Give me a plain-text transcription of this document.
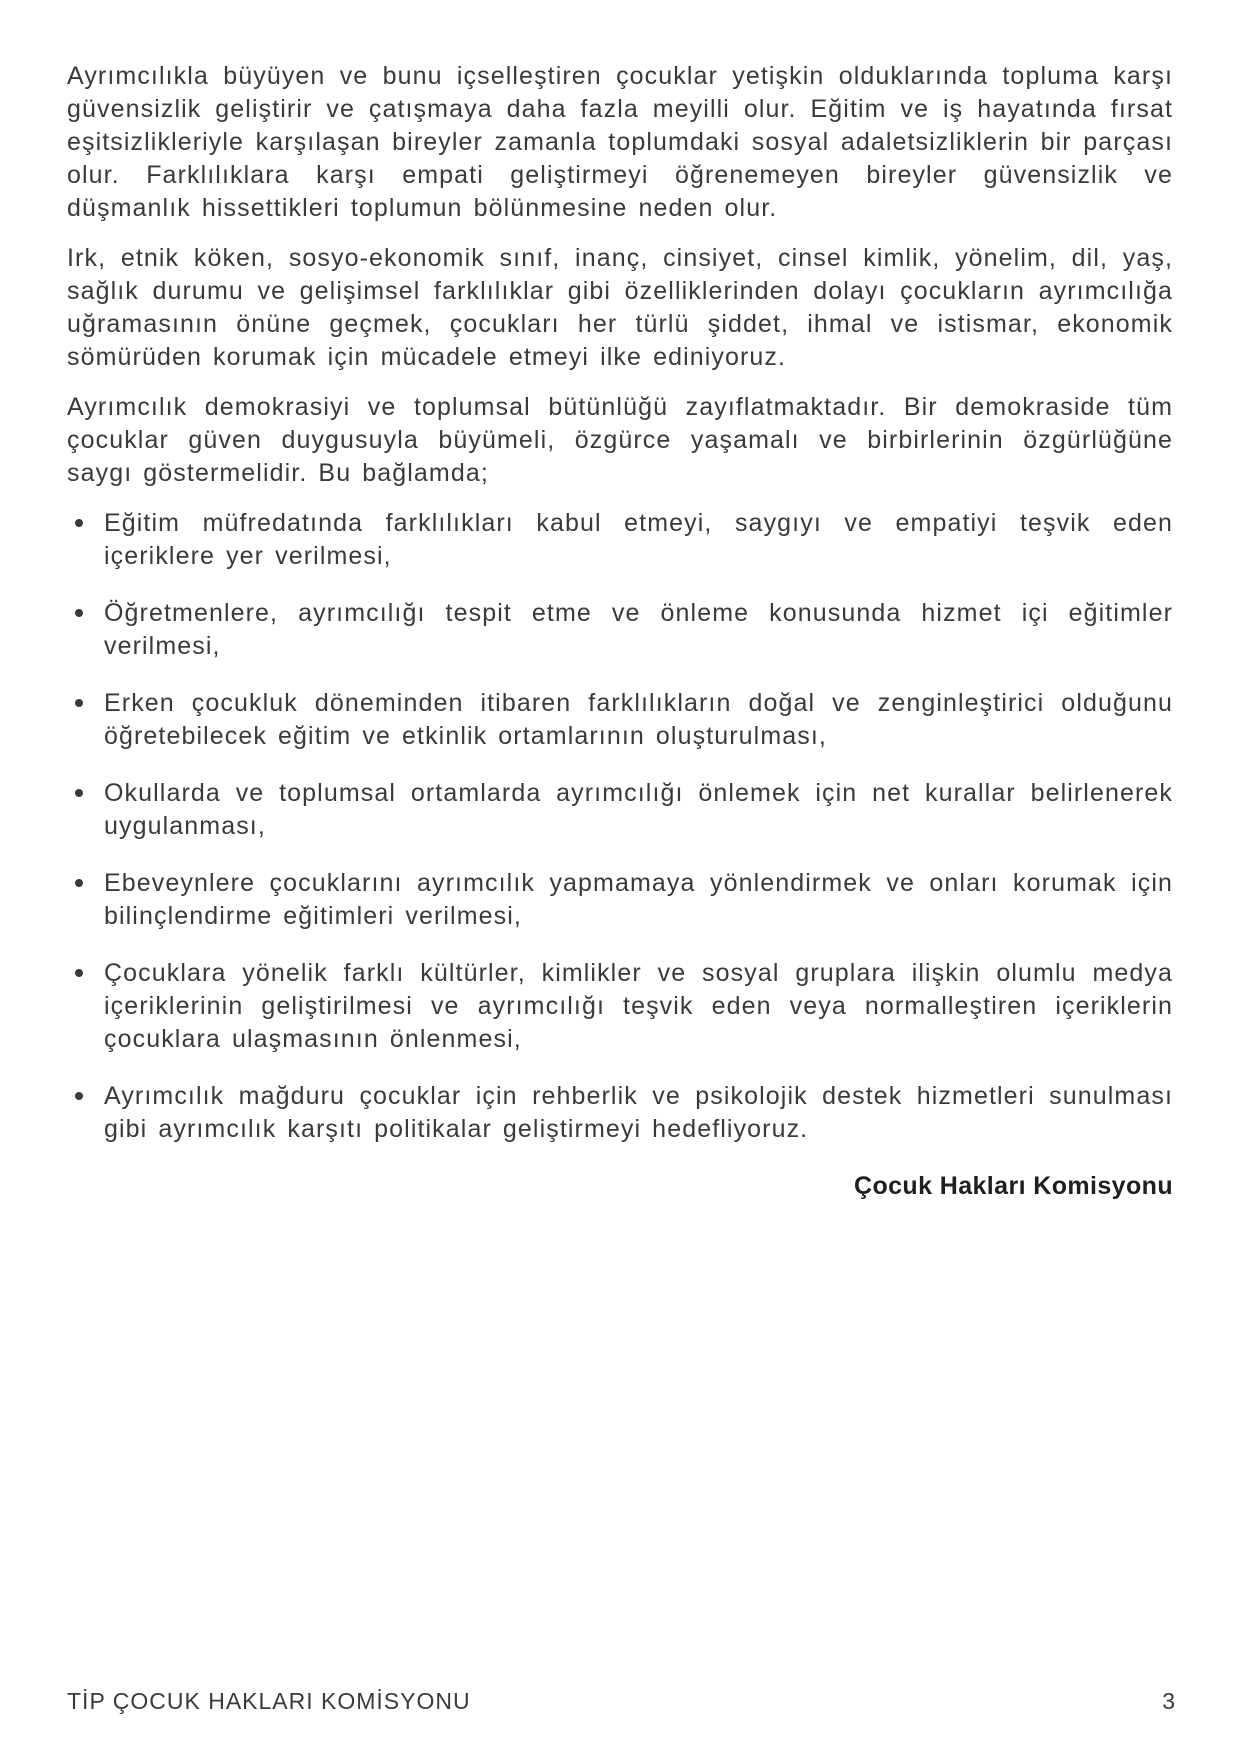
Ayrımcılıkla büyüyen ve bunu içselleştiren çocuklar yetişkin olduklarında topluma karşı güvensizlik geliştirir ve çatışmaya daha fazla meyilli olur. Eğitim ve iş hayatında fırsat eşitsizlikleriyle karşılaşan bireyler zamanla toplumdaki sosyal adaletsizliklerin bir parçası olur. Farklılıklara karşı empati geliştirmeyi öğrenemeyen bireyler güvensizlik ve düşmanlık hissettikleri toplumun bölünmesine neden olur.

Irk, etnik köken, sosyo-ekonomik sınıf, inanç, cinsiyet, cinsel kimlik, yönelim, dil, yaş, sağlık durumu ve gelişimsel farklılıklar gibi özelliklerinden dolayı çocukların ayrımcılığa uğramasının önüne geçmek, çocukları her türlü şiddet, ihmal ve istismar, ekonomik sömürüden korumak için mücadele etmeyi ilke ediniyoruz.

Ayrımcılık demokrasiyi ve toplumsal bütünlüğü zayıflatmaktadır. Bir demokraside tüm çocuklar güven duygusuyla büyümeli, özgürce yaşamalı ve birbirlerinin özgürlüğüne saygı göstermelidir. Bu bağlamda;

Eğitim müfredatında farklılıkları kabul etmeyi, saygıyı ve empatiyi teşvik eden içeriklere yer verilmesi,
Öğretmenlere, ayrımcılığı tespit etme ve önleme konusunda hizmet içi eğitimler verilmesi,
Erken çocukluk döneminden itibaren farklılıkların doğal ve zenginleştirici olduğunu öğretebilecek eğitim ve etkinlik ortamlarının oluşturulması,
Okullarda ve toplumsal ortamlarda ayrımcılığı önlemek için net kurallar belirlenerek uygulanması,
Ebeveynlere çocuklarını ayrımcılık yapmamaya yönlendirmek ve onları korumak için bilinçlendirme eğitimleri verilmesi,
Çocuklara yönelik farklı kültürler, kimlikler ve sosyal gruplara ilişkin olumlu medya içeriklerinin geliştirilmesi ve ayrımcılığı teşvik eden veya normalleştiren içeriklerin çocuklara ulaşmasının önlenmesi,
Ayrımcılık mağduru çocuklar için rehberlik ve psikolojik destek hizmetleri sunulması gibi ayrımcılık karşıtı politikalar geliştirmeyi hedefliyoruz.

Çocuk Hakları Komisyonu

TİP ÇOCUK HAKLARI KOMİSYONU	3
